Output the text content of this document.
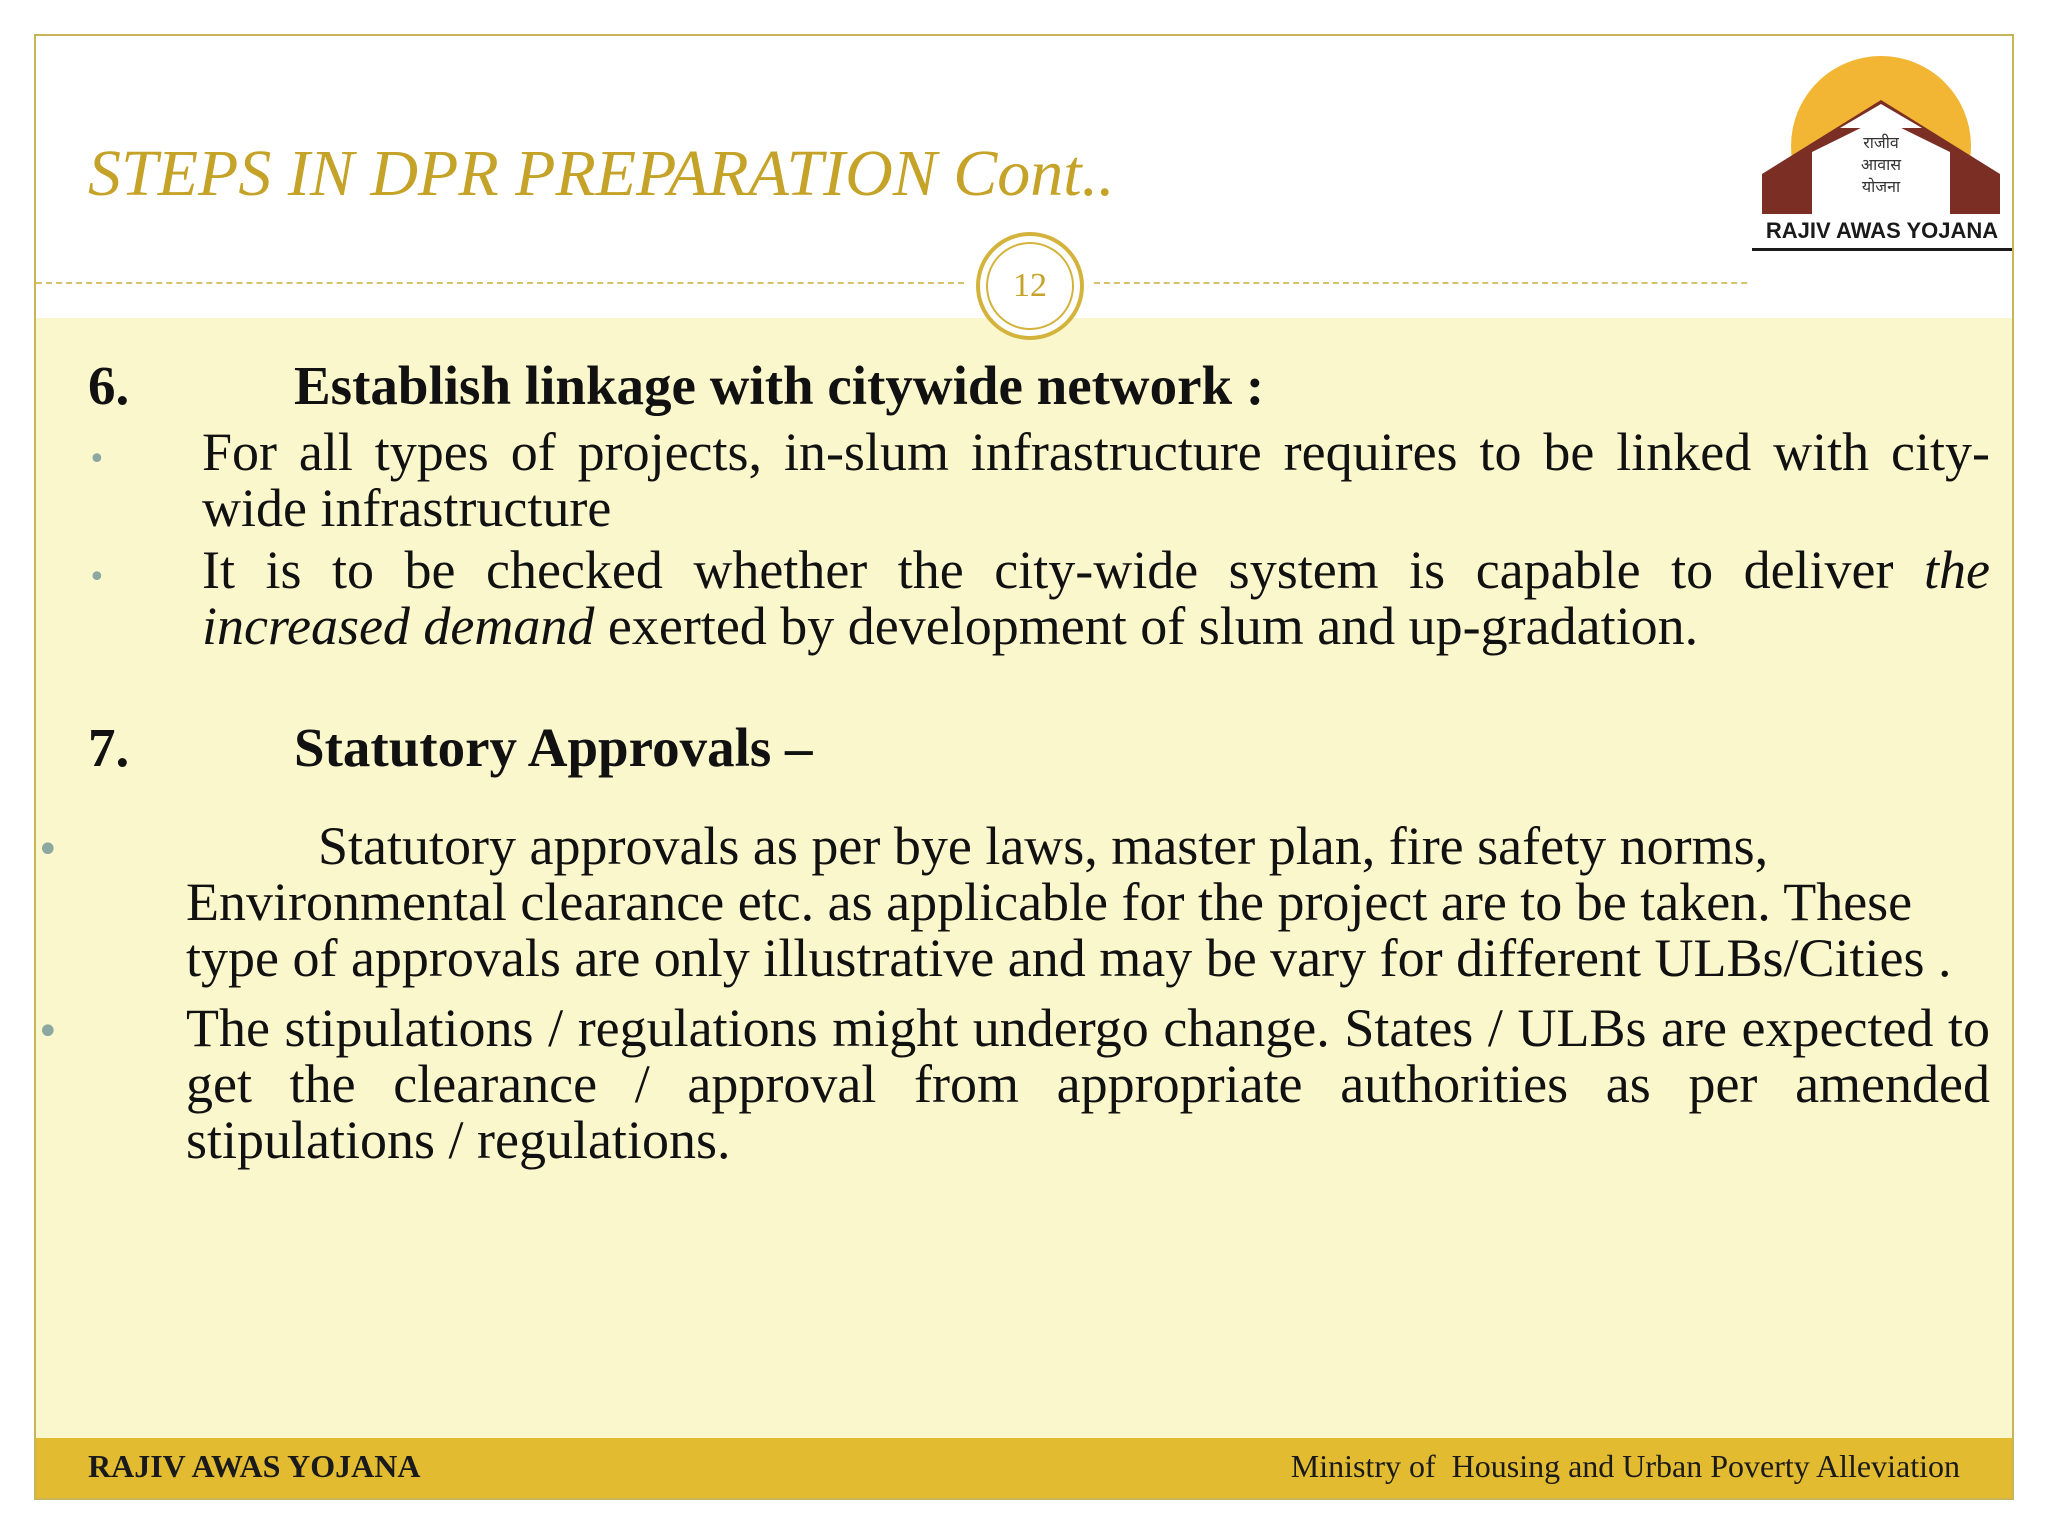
STEPS IN DPR PREPARATION Cont..
12
राजीव
आवास
योजना
RAJIV AWAS YOJANA
6.	Establish linkage with citywide network :
• For all types of projects, in-slum infrastructure requires to be linked with city-wide infrastructure
• It is to be checked whether the city-wide system is capable to deliver the increased demand exerted by development of slum and up-gradation.
7.	Statutory Approvals –
•	Statutory approvals as per bye laws, master plan, fire safety norms, Environmental clearance etc. as applicable for the project are to be taken. These type of approvals are only illustrative and may be vary for different ULBs/Cities .
•	The stipulations / regulations might undergo change. States / ULBs are expected to get the clearance / approval from appropriate authorities as per amended stipulations / regulations.
RAJIV AWAS YOJANA	Ministry of  Housing and Urban Poverty Alleviation
